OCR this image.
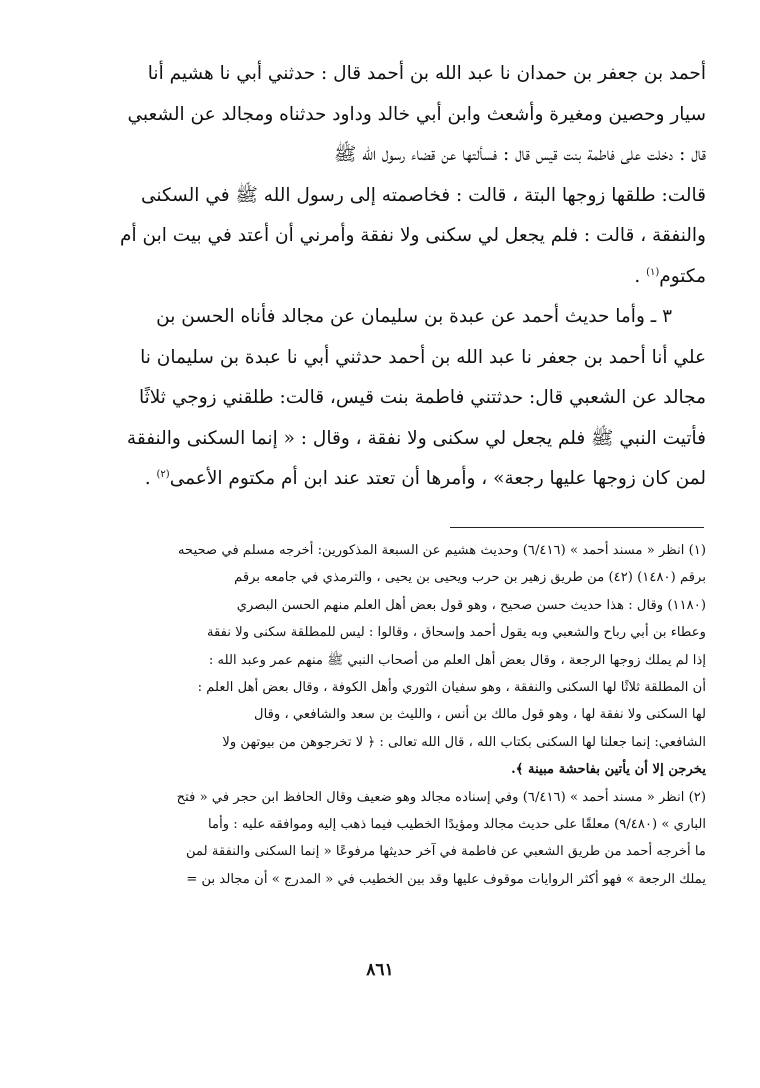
أحمد بن جعفر بن حمدان نا عبد الله بن أحمد قال : حدثني أبي نا هشيم أنا
سيار وحصين ومغيرة وأشعث وابن أبي خالد وداود حدثناه ومجالد عن الشعبي
قال : دخلت على فاطمة بنت قيس قال : فسألتها عن قضاء رسول الله ﷺ
قالت: طلقها زوجها البتة ، قالت : فخاصمته إلى رسول الله ﷺ في السكنى
والنفقة ، قالت : فلم يجعل لي سكنى ولا نفقة وأمرني أن أعتد في بيت ابن أم
مكتوم$^{(١)}$ .
٣ ـ وأما حديث أحمد عن عبدة بن سليمان عن مجالد فأناه الحسن بن
علي أنا أحمد بن جعفر نا عبد الله بن أحمد حدثني أبي نا عبدة بن سليمان نا
مجالد عن الشعبي قال: حدثتني فاطمة بنت قيس، قالت: طلقني زوجي ثلاثًا
فأتيت النبي ﷺ فلم يجعل لي سكنى ولا نفقة ، وقال : « إنما السكنى والنفقة
لمن كان زوجها عليها رجعة» ، وأمرها أن تعتد عند ابن أم مكتوم الأعمى$^{(٢)}$ .
(١) انظر « مسند أحمد » (٦/٤١٦) وحديث هشيم عن السبعة المذكورين: أخرجه مسلم في صحيحه
برقم (١٤٨٠) (٤٢) من طريق زهير بن حرب ويحيى بن يحيى ، والترمذي في جامعه برقم
(١١٨٠) وقال : هذا حديث حسن صحيح ، وهو قول بعض أهل العلم منهم الحسن البصري
وعطاء بن أبي رباح والشعبي وبه يقول أحمد وإسحاق ، وقالوا : ليس للمطلقة سكنى ولا نفقة
إذا لم يملك زوجها الرجعة ، وقال بعض أهل العلم من أصحاب النبي ﷺ منهم عمر وعبد الله :
أن المطلقة ثلاثًا لها السكنى والنفقة ، وهو سفيان الثوري وأهل الكوفة ، وقال بعض أهل العلم :
لها السكنى ولا نفقة لها ، وهو قول مالك بن أنس ، والليث بن سعد والشافعي ، وقال
الشافعي: إنما جعلنا لها السكنى بكتاب الله ، قال الله تعالى : ﴿ لا تخرجوهن من بيوتهن ولا
يخرجن إلا أن يأتين بفاحشة مبينة ﴾.
(٢) انظر « مسند أحمد » (٦/٤١٦) وفي إسناده مجالد وهو ضعيف وقال الحافظ ابن حجر في « فتح
الباري » (٩/٤٨٠) معلقًا على حديث مجالد ومؤيدًا الخطيب فيما ذهب إليه وموافقه عليه : وأما
ما أخرجه أحمد من طريق الشعبي عن فاطمة في آخر حديثها مرفوعًا « إنما السكنى والنفقة لمن
يملك الرجعة » فهو أكثر الروايات موقوف عليها وقد بين الخطيب في « المدرج » أن مجالد بن =
٨٦١
